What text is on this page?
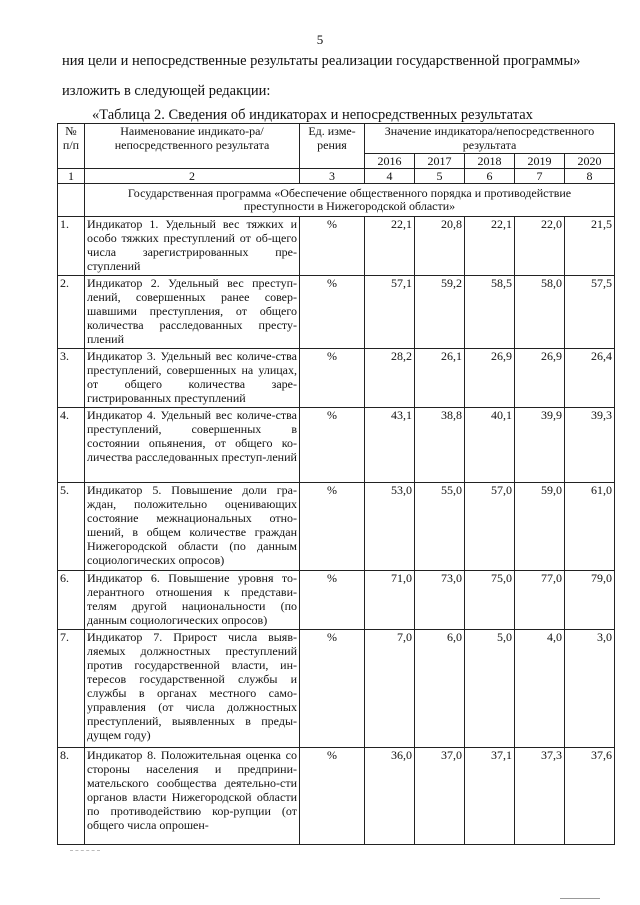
5
ния цели и непосредственные результаты реализации государственной программы»
изложить в следующей редакции:
«Таблица 2. Сведения об индикаторах и непосредственных результатах
№ п/п	Наименование индикато-ра/непосредственного результата	Ед. изме-рения	Значение индикатора/непосредственного результата				
			2016	2017	2018	2019	2020
1	2	3	4	5	6	7	8
	Государственная программа «Обеспечение общественного порядка и противодействие преступности в Нижегородской области»						
1.	Индикатор 1. Удельный вес тяжких и особо тяжких преступлений от об-щего числа зарегистрированных пре-ступлений	%	22,1	20,8	22,1	22,0	21,5
2.	Индикатор 2. Удельный вес преступ-лений, совершенных ранее совер-шавшими преступления, от общего количества расследованных престу-плений	%	57,1	59,2	58,5	58,0	57,5
3.	Индикатор 3. Удельный вес количе-ства преступлений, совершенных на улицах, от общего количества заре-гистрированных преступлений	%	28,2	26,1	26,9	26,9	26,4
4.	Индикатор 4. Удельный вес количе-ства преступлений, совершенных в состоянии опьянения, от общего ко-личества расследованных преступ-лений	%	43,1	38,8	40,1	39,9	39,3
5.	Индикатор 5. Повышение доли гра-ждан, положительно оценивающих состояние межнациональных отно-шений, в общем количестве граждан Нижегородской области (по данным социологических опросов)	%	53,0	55,0	57,0	59,0	61,0
6.	Индикатор 6. Повышение уровня то-лерантного отношения к представи-телям другой национальности (по данным социологических опросов)	%	71,0	73,0	75,0	77,0	79,0
7.	Индикатор 7. Прирост числа выяв-ляемых должностных преступлений против государственной власти, ин-тересов государственной службы и службы в органах местного само-управления (от числа должностных преступлений, выявленных в преды-дущем году)	%	7,0	6,0	5,0	4,0	3,0
8.	Индикатор 8. Положительная оценка со стороны населения и предприни-мательского сообщества деятельно-сти органов власти Нижегородской области по противодействию кор-рупции (от общего числа опрошен-	%	36,0	37,0	37,1	37,3	37,6
